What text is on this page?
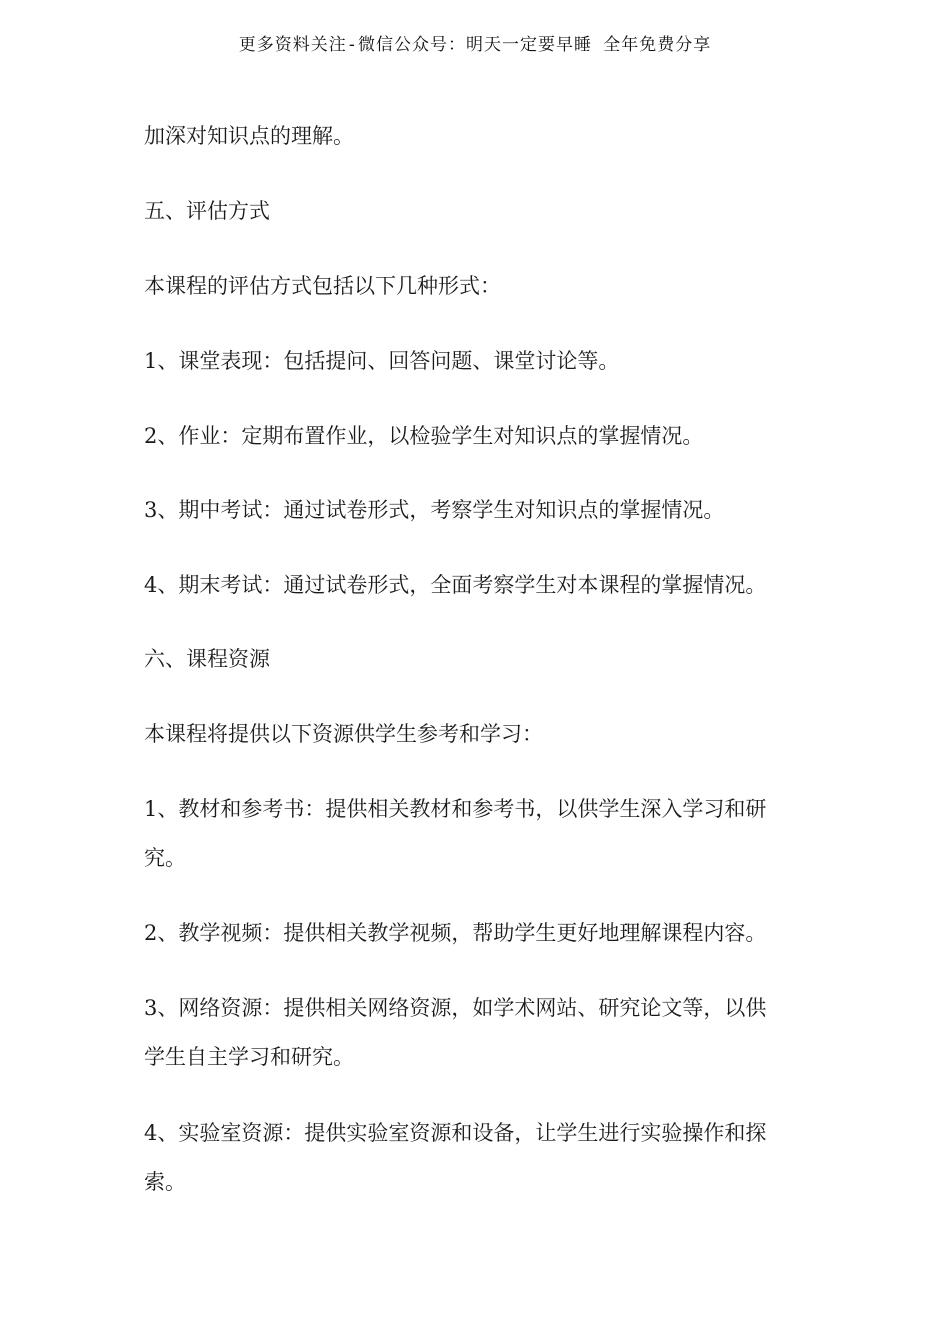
更多资料关注-微信公众号：明天一定要早睡 全年免费分享
加深对知识点的理解。
五、评估方式
本课程的评估方式包括以下几种形式：
1、课堂表现：包括提问、回答问题、课堂讨论等。
2、作业：定期布置作业，以检验学生对知识点的掌握情况。
3、期中考试：通过试卷形式，考察学生对知识点的掌握情况。
4、期末考试：通过试卷形式，全面考察学生对本课程的掌握情况。
六、课程资源
本课程将提供以下资源供学生参考和学习：
1、教材和参考书：提供相关教材和参考书，以供学生深入学习和研
究。
2、教学视频：提供相关教学视频，帮助学生更好地理解课程内容。
3、网络资源：提供相关网络资源，如学术网站、研究论文等，以供
学生自主学习和研究。
4、实验室资源：提供实验室资源和设备，让学生进行实验操作和探
索。
